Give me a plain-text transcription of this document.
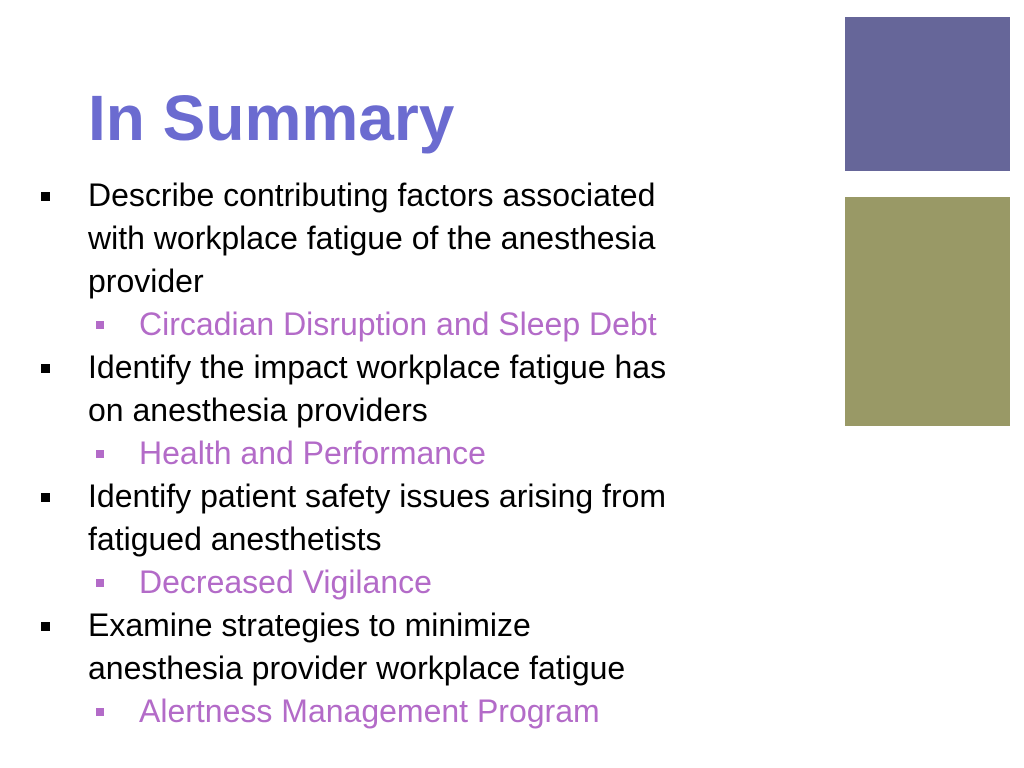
In Summary
Describe contributing factors associated
with workplace fatigue of the anesthesia
provider
Circadian Disruption and Sleep Debt
Identify the impact workplace fatigue has
on anesthesia providers
Health and Performance
Identify patient safety issues arising from
fatigued anesthetists
Decreased Vigilance
Examine strategies to minimize
anesthesia provider workplace fatigue
Alertness Management Program
